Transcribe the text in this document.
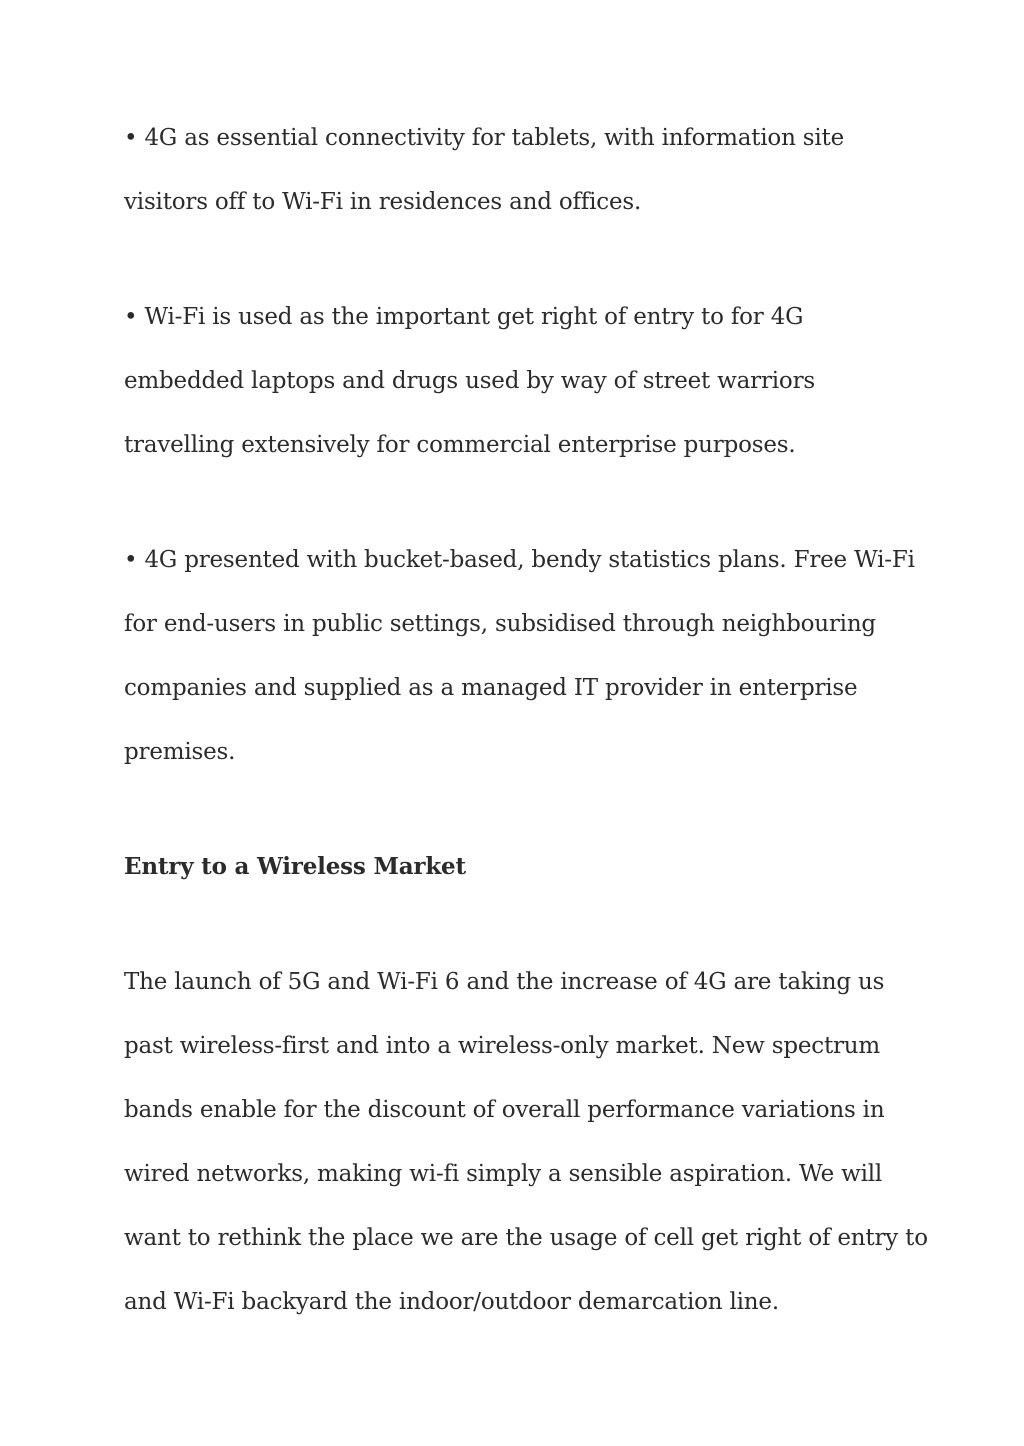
• 4G as essential connectivity for tablets, with information site
visitors off to Wi-Fi in residences and offices.

• Wi-Fi is used as the important get right of entry to for 4G
embedded laptops and drugs used by way of street warriors
travelling extensively for commercial enterprise purposes.

• 4G presented with bucket-based, bendy statistics plans. Free Wi-Fi
for end-users in public settings, subsidised through neighbouring
companies and supplied as a managed IT provider in enterprise
premises.

Entry to a Wireless Market

The launch of 5G and Wi-Fi 6 and the increase of 4G are taking us
past wireless-first and into a wireless-only market. New spectrum
bands enable for the discount of overall performance variations in
wired networks, making wi-fi simply a sensible aspiration. We will
want to rethink the place we are the usage of cell get right of entry to
and Wi-Fi backyard the indoor/outdoor demarcation line.
